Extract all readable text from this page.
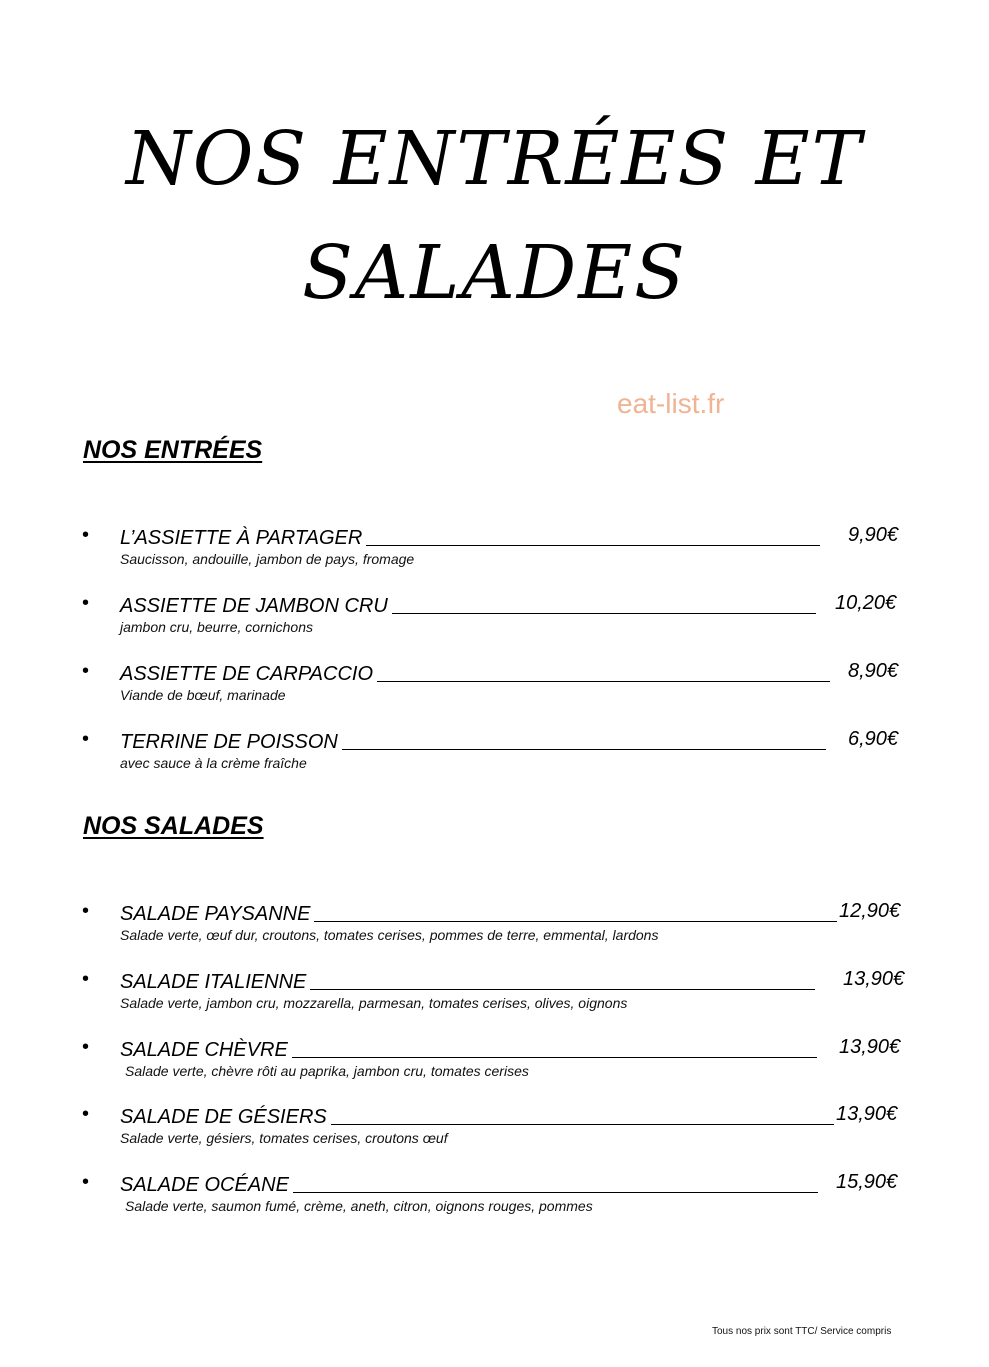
NOS ENTRÉES ET
SALADES
eat-list.fr
NOS ENTRÉES
• L’ASSIETTE À PARTAGER	9,90€
Saucisson, andouille, jambon de pays, fromage
• ASSIETTE DE JAMBON CRU	10,20€
jambon cru, beurre, cornichons
• ASSIETTE DE CARPACCIO	8,90€
Viande de bœuf, marinade
• TERRINE DE POISSON	6,90€
avec sauce à la crème fraîche
NOS SALADES
• SALADE PAYSANNE	12,90€
Salade verte, œuf dur, croutons, tomates cerises, pommes de terre, emmental, lardons
• SALADE ITALIENNE	13,90€
Salade verte, jambon cru, mozzarella, parmesan, tomates cerises, olives, oignons
• SALADE CHÈVRE	13,90€
Salade verte, chèvre rôti au paprika, jambon cru, tomates cerises
• SALADE DE GÉSIERS	13,90€
Salade verte, gésiers, tomates cerises, croutons œuf
• SALADE OCÉANE	15,90€
Salade verte, saumon fumé, crème, aneth, citron, oignons rouges, pommes
Tous nos prix sont TTC/ Service compris
